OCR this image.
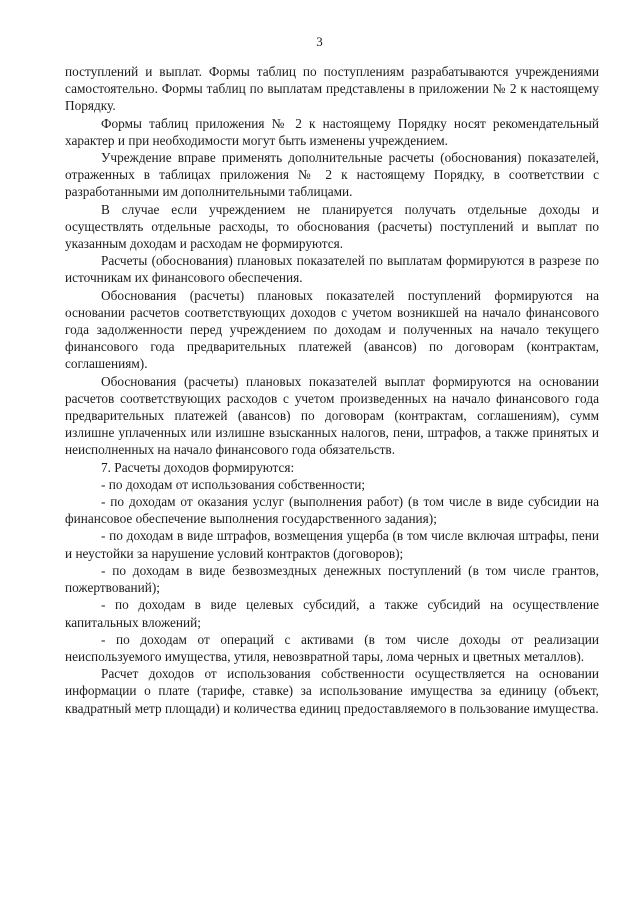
3

поступлений и выплат. Формы таблиц по поступлениям разрабатываются учреждениями самостоятельно. Формы таблиц по выплатам представлены в приложении № 2 к настоящему Порядку.

Формы таблиц приложения № 2 к настоящему Порядку носят рекомендательный характер и при необходимости могут быть изменены учреждением.

Учреждение вправе применять дополнительные расчеты (обоснования) показателей, отраженных в таблицах приложения № 2 к настоящему Порядку, в соответствии с разработанными им дополнительными таблицами.

В случае если учреждением не планируется получать отдельные доходы и осуществлять отдельные расходы, то обоснования (расчеты) поступлений и выплат по указанным доходам и расходам не формируются.

Расчеты (обоснования) плановых показателей по выплатам формируются в разрезе по источникам их финансового обеспечения.

Обоснования (расчеты) плановых показателей поступлений формируются на основании расчетов соответствующих доходов с учетом возникшей на начало финансового года задолженности перед учреждением по доходам и полученных на начало текущего финансового года предварительных платежей (авансов) по договорам (контрактам, соглашениям).

Обоснования (расчеты) плановых показателей выплат формируются на основании расчетов соответствующих расходов с учетом произведенных на начало финансового года предварительных платежей (авансов) по договорам (контрактам, соглашениям), сумм излишне уплаченных или излишне взысканных налогов, пени, штрафов, а также принятых и неисполненных на начало финансового года обязательств.

7. Расчеты доходов формируются:

- по доходам от использования собственности;

- по доходам от оказания услуг (выполнения работ) (в том числе в виде субсидии на финансовое обеспечение выполнения государственного задания);

- по доходам в виде штрафов, возмещения ущерба (в том числе включая штрафы, пени и неустойки за нарушение условий контрактов (договоров);

- по доходам в виде безвозмездных денежных поступлений (в том числе грантов, пожертвований);

- по доходам в виде целевых субсидий, а также субсидий на осуществление капитальных вложений;

- по доходам от операций с активами (в том числе доходы от реализации неиспользуемого имущества, утиля, невозвратной тары, лома черных и цветных металлов).

Расчет доходов от использования собственности осуществляется на основании информации о плате (тарифе, ставке) за использование имущества за единицу (объект, квадратный метр площади) и количества единиц предоставляемого в пользование имущества.
